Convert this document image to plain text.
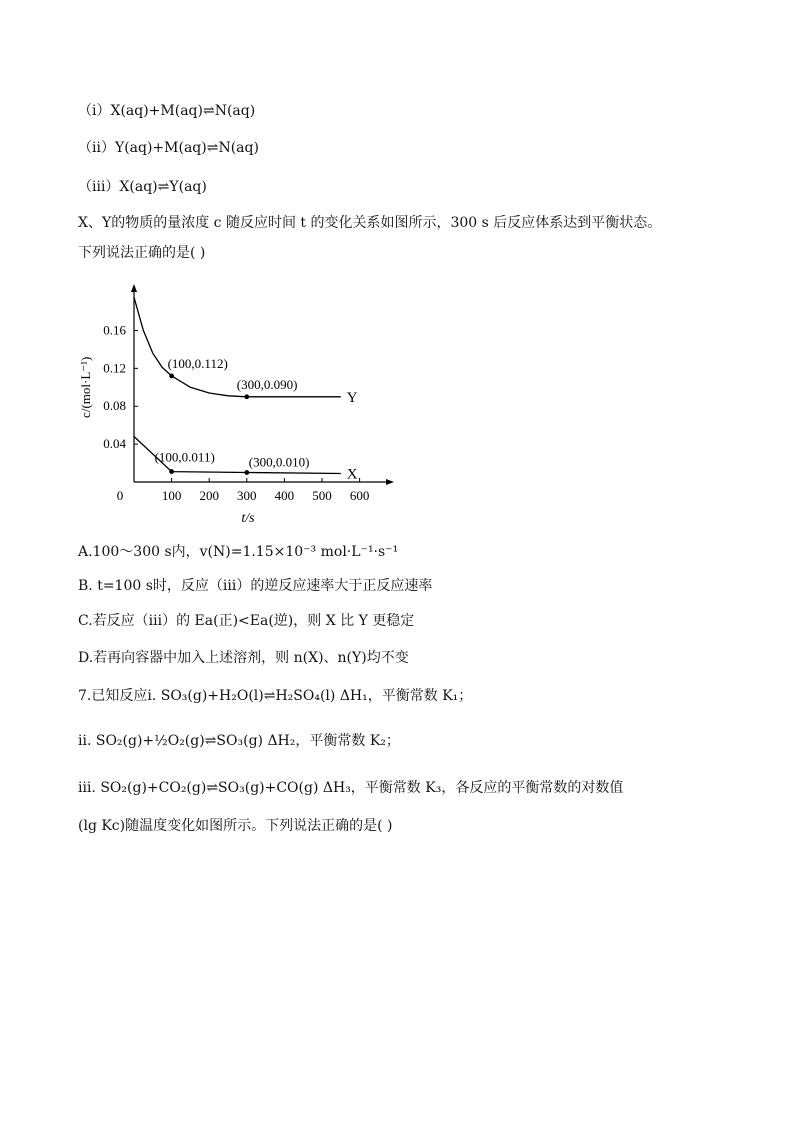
（ⅰ）X(aq)+M(aq)⇌N(aq)
（ⅱ）Y(aq)+M(aq)⇌N(aq)
（ⅲ）X(aq)⇌Y(aq)
X、Y的物质的量浓度 c 随反应时间 t 的变化关系如图所示，300 s 后反应体系达到平衡状态。
下列说法正确的是( )
0	100 200 300 400 500 600
0.04
0.08
0.12
0.16
t/s
c/(mol·L⁻¹)	Y
X
(100,0.112)
(300,0.090)
(100,0.011)	(300,0.010)
A.100～300 s内，v(N)=1.15×10⁻³ mol·L⁻¹·s⁻¹
B. t=100 s时，反应（ⅲ）的逆反应速率大于正反应速率
C.若反应（ⅲ）的 Ea(正)<Ea(逆)，则 X 比 Y 更稳定
D.若再向容器中加入上述溶剂，则 n(X)、n(Y)均不变
7.已知反应ⅰ. SO₃(g)+H₂O(l)⇌H₂SO₄(l) ΔH₁，平衡常数 K₁；
ⅱ. SO₂(g)+½O₂(g)⇌SO₃(g) ΔH₂，平衡常数 K₂；
ⅲ. SO₂(g)+CO₂(g)⇌SO₃(g)+CO(g) ΔH₃，平衡常数 K₃，各反应的平衡常数的对数值
(lg Kc)随温度变化如图所示。下列说法正确的是( )
